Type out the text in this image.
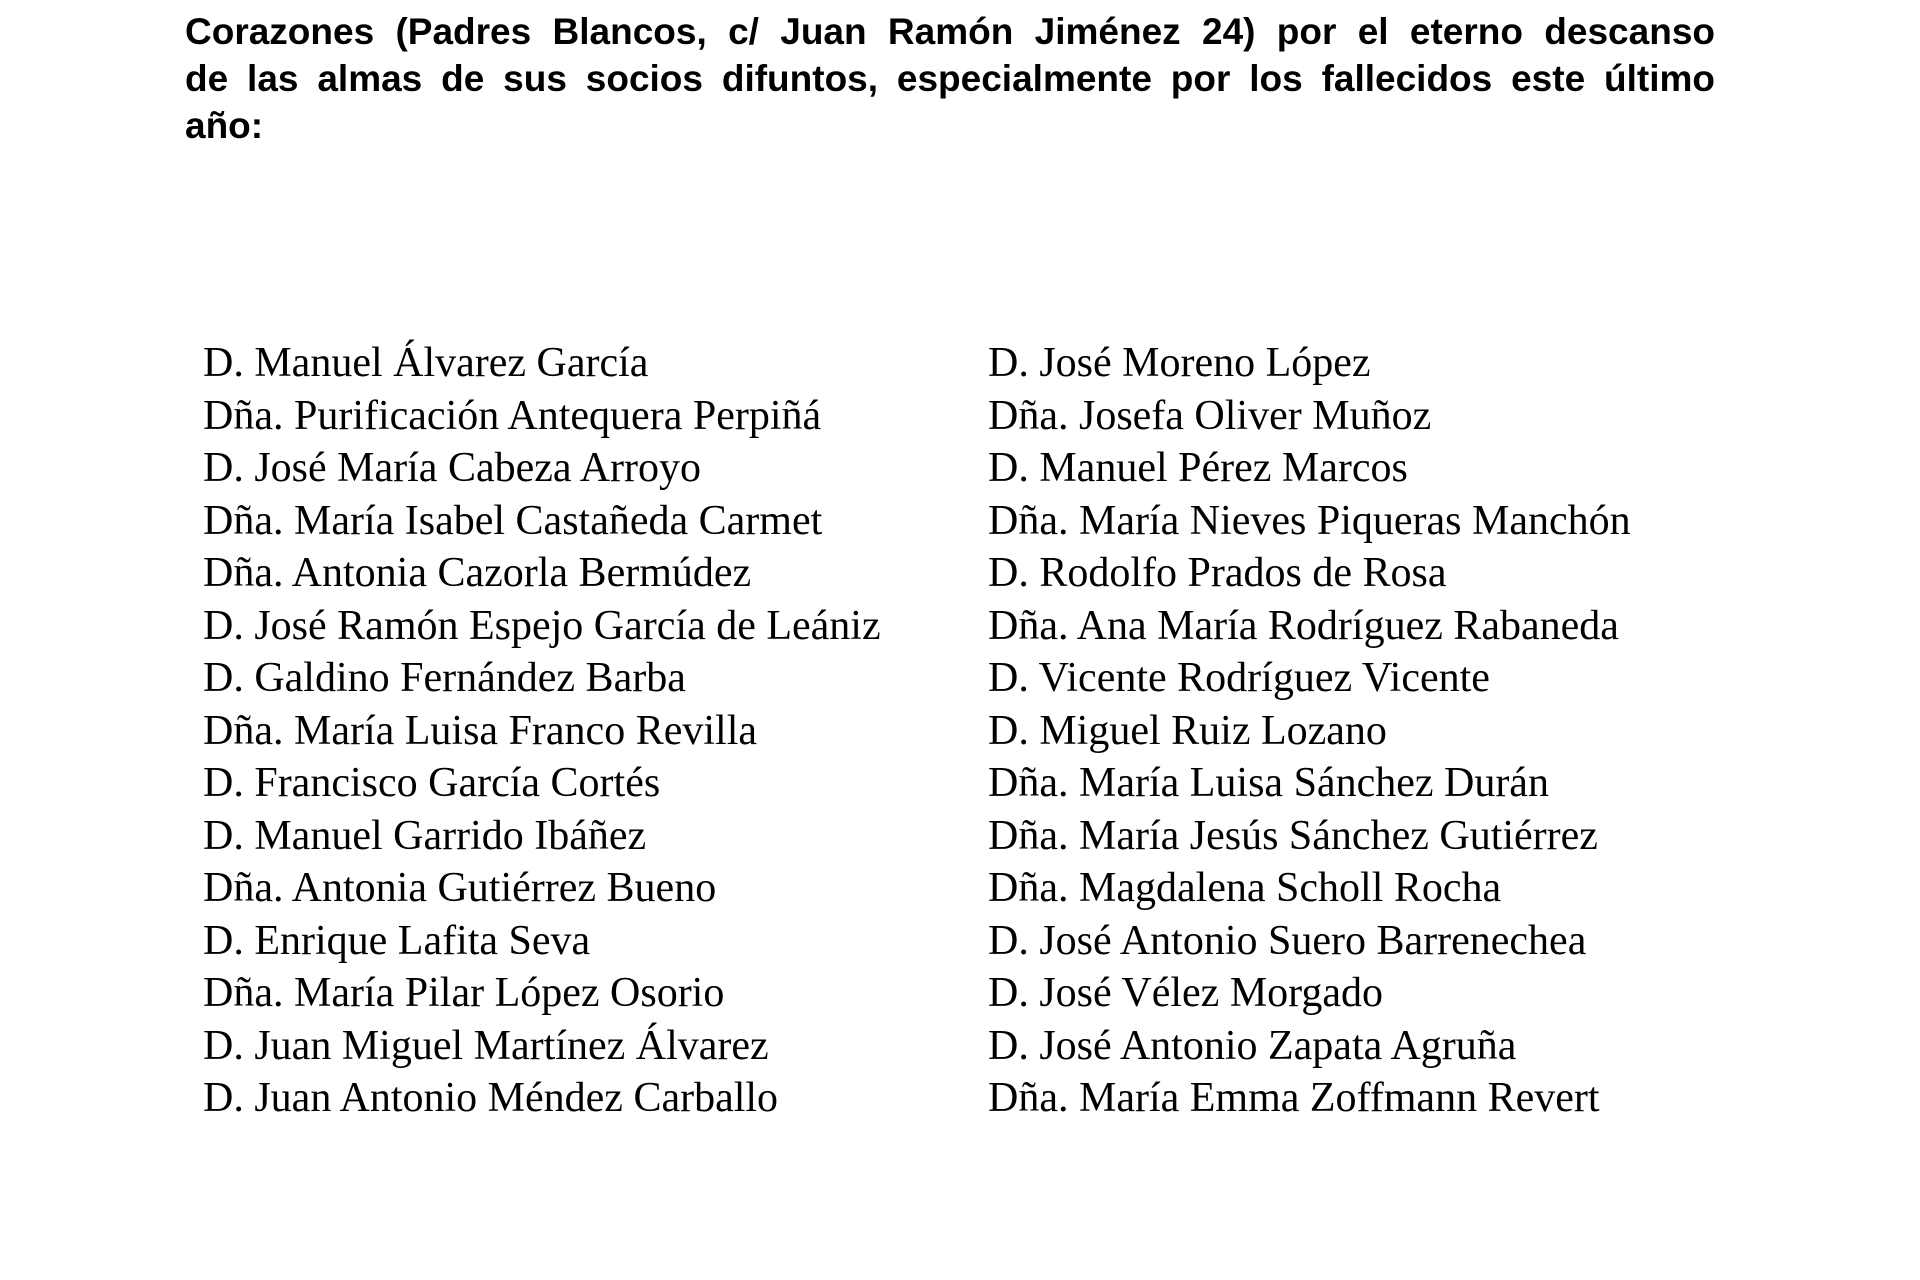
Corazones (Padres Blancos, c/ Juan Ramón Jiménez 24) por el eterno descanso
de las almas de sus socios difuntos, especialmente por los fallecidos este último
año:

D. Manuel Álvarez García
Dña. Purificación Antequera Perpiñá
D. José María Cabeza Arroyo
Dña. María Isabel Castañeda Carmet
Dña. Antonia Cazorla Bermúdez
D. José Ramón Espejo García de Leániz
D. Galdino Fernández Barba
Dña. María Luisa Franco Revilla
D. Francisco García Cortés
D. Manuel Garrido Ibáñez
Dña. Antonia Gutiérrez Bueno
D. Enrique Lafita Seva
Dña. María Pilar López Osorio
D. Juan Miguel Martínez Álvarez
D. Juan Antonio Méndez Carballo
D. José Moreno López
Dña. Josefa Oliver Muñoz
D. Manuel Pérez Marcos
Dña. María Nieves Piqueras Manchón
D. Rodolfo Prados de Rosa
Dña. Ana María Rodríguez Rabaneda
D. Vicente Rodríguez Vicente
D. Miguel Ruiz Lozano
Dña. María Luisa Sánchez Durán
Dña. María Jesús Sánchez Gutiérrez
Dña. Magdalena Scholl Rocha
D. José Antonio Suero Barrenechea
D. José Vélez Morgado
D. José Antonio Zapata Agruña
Dña. María Emma Zoffmann Revert
